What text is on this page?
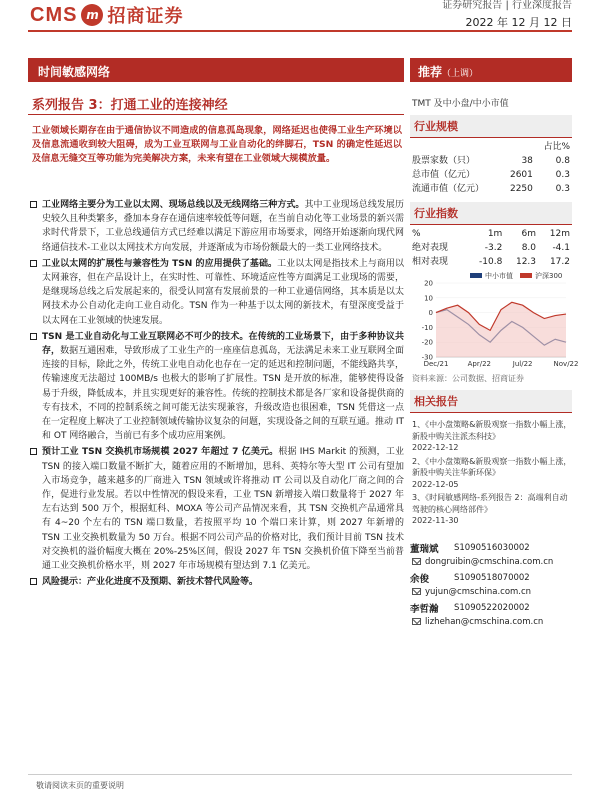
CMS m 招商证券
证券研究报告 | 行业深度报告
2022 年 12 月 12 日
时间敏感网络	推荐（上调）
系列报告 3：打通工业的连接神经
工业领域长期存在由于通信协议不同造成的信息孤岛现象，网络延迟也使得工业生产环境以及信息流通收到较大阻碍，成为工业互联网与工业自动化的绊脚石，TSN 的确定性延迟以及信息无缝交互等功能为完美解决方案，未来有望在工业领域大规模放量。
工业网络主要分为工业以太网、现场总线以及无线网络三种方式。其中工业现场总线发展历史较久且种类繁多，叠加本身存在通信速率较低等问题，在当前自动化等工业场景的新兴需求时代背景下，工业总线通信方式已经难以满足下游应用市场要求，网络开始逐渐向现代网络通信技术-工业以太网技术方向发展，并逐渐成为市场份额最大的一类工业网络技术。
工业以太网的扩展性与兼容性为 TSN 的应用提供了基础。工业以太网是指技术上与商用以太网兼容，但在产品设计上，在实时性、可靠性、环境适应性等方面满足工业现场的需要，是继现场总线之后发展起来的，很受认同富有发展前景的一种工业通信网络，其本质是以太网技术办公自动化走向工业自动化。TSN 作为一种基于以太网的新技术，有望深度受益于以太网在工业领域的快速发展。
TSN 是工业自动化与工业互联网必不可少的技术。在传统的工业场景下，由于多种协议共存，数据互通困难，导致形成了工业生产的一座座信息孤岛，无法满足未来工业互联网全面连接的目标，除此之外，传统工业电自动化也存在一定的延迟和控制问题，不能线路共享，传输速度无法超过 100MB/s 也极大的影响了扩展性。TSN 是开放的标准，能够使得设备易于升级，降低成本，并且实现更好的兼容性。传统的控制技术都是各厂家和设备提供商的专有技术，不同的控制系统之间可能无法实现兼容，升级改造也很困难，TSN 凭借这一点在一定程度上解决了工业控制领域传输协议复杂的问题，实现设备之间的互联互通。推动 IT 和 OT 网络融合，当前已有多个成功应用案例。
预计工业 TSN 交换机市场规模 2027 年超过 7 亿美元。根据 IHS Markit 的预测，工业 TSN 的接入端口数量不断扩大，随着应用的不断增加，思科、英特尔等大型 IT 公司有望加入市场竞争，越来越多的厂商进入 TSN 领域或许将推动 IT 公司以及自动化厂商之间的合作，促进行业发展。若以中性情况的假设来看，工业 TSN 新增接入端口数量将于 2027 年左右达到 500 万个，根据虹科、MOXA 等公司产品情况来看，其 TSN 交换机产品通常具有 4~20 个左右的 TSN 端口数量，若按照平均 10 个端口来计算，则 2027 年新增的 TSN 工业交换机数量为 50 万台。根据不同公司产品的价格对比，我们预计目前 TSN 技术对交换机的溢价幅度大概在 20%-25%区间，假设 2027 年 TSN 交换机价值下降至当前普通工业交换机价格水平，则 2027 年市场规模有望达到 7.1 亿美元。
风险提示：产业化进度不及预期、新技术替代风险等。
TMT 及中小盘/中小市值
行业规模
		占比%
股票家数（只）	38	0.8
总市值（亿元）	2601	0.3
流通市值（亿元）	2250	0.3
行业指数
%	1m	6m	12m
绝对表现	-3.2	8.0	-4.1
相对表现	-10.8	12.3	17.2
20
10
0
-10
-20
-30
Dec/21	Apr/22	Jul/22	Nov/22
中小市值	沪深300
资料来源：公司数据、招商证券
相关报告
1、《中小盘策略&新股观察一指数小幅上涨，新股中购关注派杰科技》
2022-12-12
2、《中小盘策略&新股观察一指数小幅上涨，新股中购关注华新环保》
2022-12-05
3、《时间敏感网络-系列报告 2：高端利自动驾驶的核心网络部件》
2022-11-30
董瑞斌	S1090516030002
dongruibin@cmschina.com.cn
余俊	S1090518070002
yujun@cmschina.com.cn
李哲瀚	S1090522020002
lizhehan@cmschina.com.cn
敬请阅读末页的重要说明
